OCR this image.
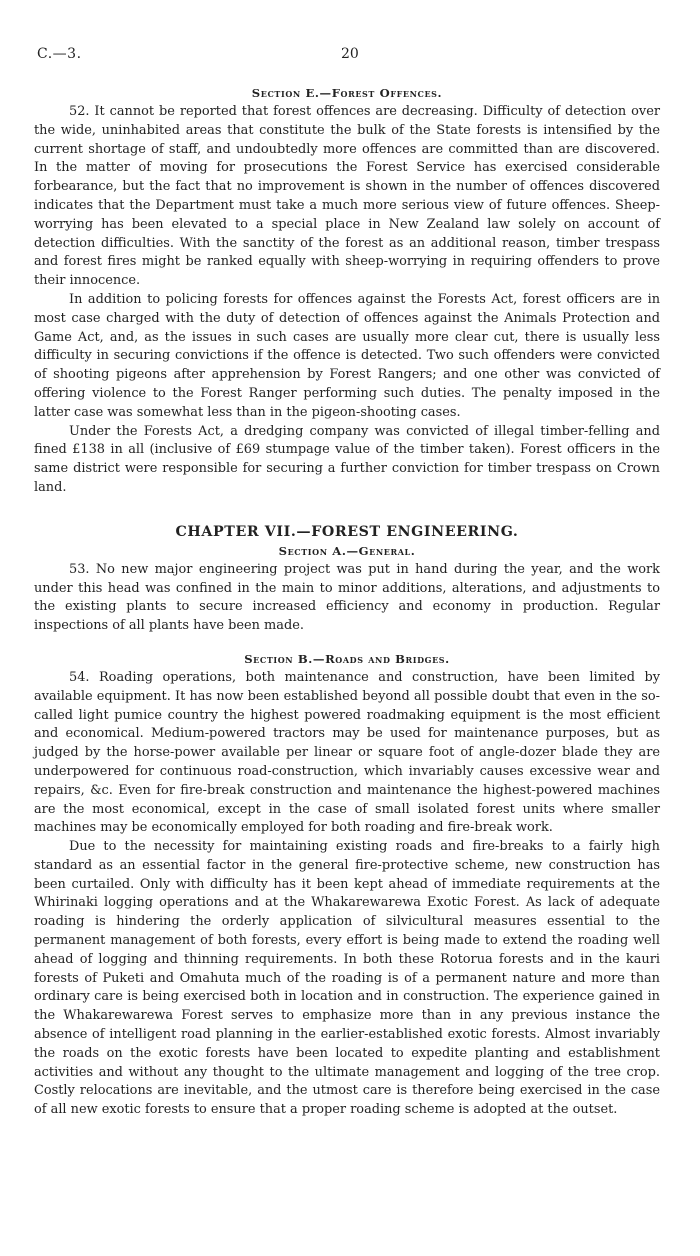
C.—3.	20
Section E.—Forest Offences.

52. It cannot be reported that forest offences are decreasing. Difficulty of detection over the wide, uninhabited areas that constitute the bulk of the State forests is intensified by the current shortage of staff, and undoubtedly more offences are committed than are discovered. In the matter of moving for prosecutions the Forest Service has exercised considerable forbearance, but the fact that no improvement is shown in the number of offences discovered indicates that the Department must take a much more serious view of future offences. Sheep-worrying has been elevated to a special place in New Zealand law solely on account of detection difficulties. With the sanctity of the forest as an additional reason, timber trespass and forest fires might be ranked equally with sheep-worrying in requiring offenders to prove their innocence.

In addition to policing forests for offences against the Forests Act, forest officers are in most case charged with the duty of detection of offences against the Animals Protection and Game Act, and, as the issues in such cases are usually more clear cut, there is usually less difficulty in securing convictions if the offence is detected. Two such offenders were convicted of shooting pigeons after apprehension by Forest Rangers; and one other was convicted of offering violence to the Forest Ranger performing such duties. The penalty imposed in the latter case was somewhat less than in the pigeon-shooting cases.

Under the Forests Act, a dredging company was convicted of illegal timber-felling and fined £138 in all (inclusive of £69 stumpage value of the timber taken). Forest officers in the same district were responsible for securing a further conviction for timber trespass on Crown land.

CHAPTER VII.—FOREST ENGINEERING.
Section A.—General.

53. No new major engineering project was put in hand during the year, and the work under this head was confined in the main to minor additions, alterations, and adjustments to the existing plants to secure increased efficiency and economy in production. Regular inspections of all plants have been made.

Section B.—Roads and Bridges.

54. Roading operations, both maintenance and construction, have been limited by available equipment. It has now been established beyond all possible doubt that even in the so-called light pumice country the highest powered roadmaking equipment is the most efficient and economical. Medium-powered tractors may be used for maintenance purposes, but as judged by the horse-power available per linear or square foot of angle-dozer blade they are underpowered for continuous road-construction, which invariably causes excessive wear and repairs, &c. Even for fire-break construction and maintenance the highest-powered machines are the most economical, except in the case of small isolated forest units where smaller machines may be economically employed for both roading and fire-break work.

Due to the necessity for maintaining existing roads and fire-breaks to a fairly high standard as an essential factor in the general fire-protective scheme, new construction has been curtailed. Only with difficulty has it been kept ahead of immediate requirements at the Whirinaki logging operations and at the Whakarewarewa Exotic Forest. As lack of adequate roading is hindering the orderly application of silvicultural measures essential to the permanent management of both forests, every effort is being made to extend the roading well ahead of logging and thinning requirements. In both these Rotorua forests and in the kauri forests of Puketi and Omahuta much of the roading is of a permanent nature and more than ordinary care is being exercised both in location and in construction. The experience gained in the Whakarewarewa Forest serves to emphasize more than in any previous instance the absence of intelligent road planning in the earlier-established exotic forests. Almost invariably the roads on the exotic forests have been located to expedite planting and establishment activities and without any thought to the ultimate management and logging of the tree crop. Costly relocations are inevitable, and the utmost care is therefore being exercised in the case of all new exotic forests to ensure that a proper roading scheme is adopted at the outset.
